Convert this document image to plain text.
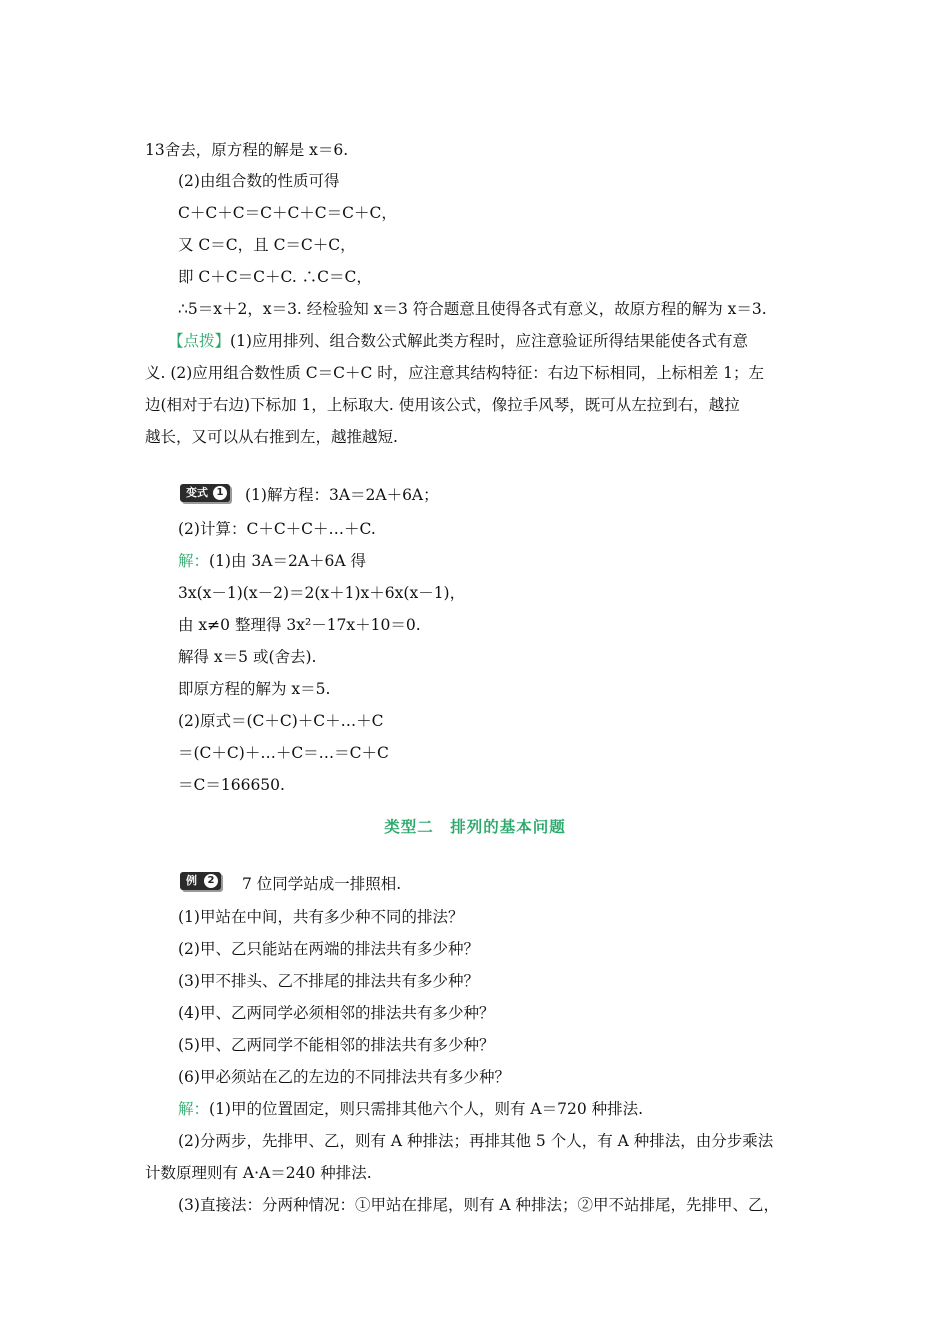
13舍去，原方程的解是 x＝6.
(2)由组合数的性质可得
C＋C＋C＝C＋C＋C＝C＋C，
又 C＝C，且 C＝C＋C，
即 C＋C＝C＋C. ∴C＝C，
∴5＝x＋2，x＝3. 经检验知 x＝3 符合题意且使得各式有意义，故原方程的解为 x＝3.
【点拨】(1)应用排列、组合数公式解此类方程时，应注意验证所得结果能使各式有意
义. (2)应用组合数性质 C＝C＋C 时，应注意其结构特征：右边下标相同，上标相差 1；左
边(相对于右边)下标加 1，上标取大. 使用该公式，像拉手风琴，既可从左拉到右，越拉
越长，又可以从右推到左，越推越短.
变式 1 (1)解方程：3A＝2A＋6A；
(2)计算：C＋C＋C＋…＋C.
解：(1)由 3A＝2A＋6A 得
3x(x－1)(x－2)＝2(x＋1)x＋6x(x－1)，
由 x≠0 整理得 3x²－17x＋10＝0.
解得 x＝5 或(舍去).
即原方程的解为 x＝5.
(2)原式＝(C＋C)＋C＋…＋C
＝(C＋C)＋…＋C＝…＝C＋C
＝C＝166650.
类型二　排列的基本问题
例	2 7 位同学站成一排照相.
(1)甲站在中间，共有多少种不同的排法？
(2)甲、乙只能站在两端的排法共有多少种？
(3)甲不排头、乙不排尾的排法共有多少种？
(4)甲、乙两同学必须相邻的排法共有多少种？
(5)甲、乙两同学不能相邻的排法共有多少种？
(6)甲必须站在乙的左边的不同排法共有多少种？
解：(1)甲的位置固定，则只需排其他六个人，则有 A＝720 种排法.
(2)分两步，先排甲、乙，则有 A 种排法；再排其他 5 个人，有 A 种排法，由分步乘法
计数原理则有 A·A＝240 种排法.
(3)直接法：分两种情况：①甲站在排尾，则有 A 种排法；②甲不站排尾，先排甲、乙，
